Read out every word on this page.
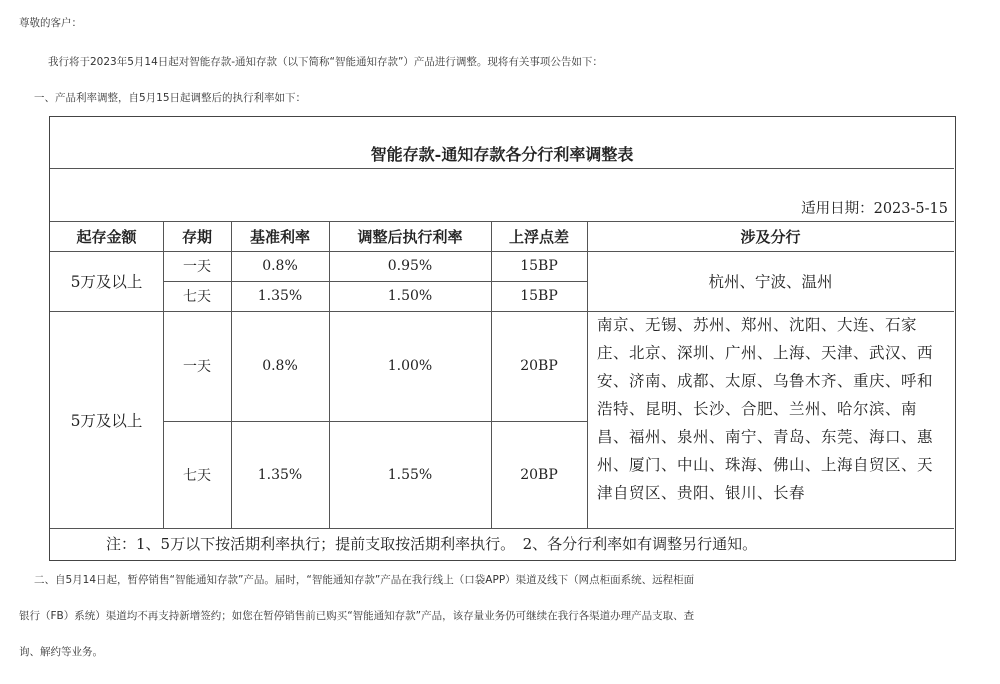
尊敬的客户：
我行将于2023年5月14日起对智能存款-通知存款（以下简称“智能通知存款”）产品进行调整。现将有关事项公告如下：
一、产品利率调整，自5月15日起调整后的执行利率如下：
智能存款-通知存款各分行利率调整表
适用日期：2023-5-15
起存金额	存期	基准利率	调整后执行利率	上浮点差	涉及分行
5万及以上
一天	0.8%	0.95%	15BP
七天	1.35%	1.50%	15BP
杭州、宁波、温州
5万及以上
一天	0.8%	1.00%	20BP
七天	1.35%	1.55%	20BP
南京、无锡、苏州、郑州、沈阳、大连、石家庄、北京、深圳、广州、上海、天津、武汉、西安、济南、成都、太原、乌鲁木齐、重庆、呼和浩特、昆明、长沙、合肥、兰州、哈尔滨、南昌、福州、泉州、南宁、青岛、东莞、海口、惠州、厦门、中山、珠海、佛山、上海自贸区、天津自贸区、贵阳、银川、长春
注：1、5万以下按活期利率执行；提前支取按活期利率执行。　2、各分行利率如有调整另行通知。
二、自5月14日起，暂停销售“智能通知存款”产品。届时，“智能通知存款”产品在我行线上（口袋APP）渠道及线下（网点柜面系统、远程柜面
银行（FB）系统）渠道均不再支持新增签约；如您在暂停销售前已购买“智能通知存款”产品，该存量业务仍可继续在我行各渠道办理产品支取、查
询、解约等业务。
